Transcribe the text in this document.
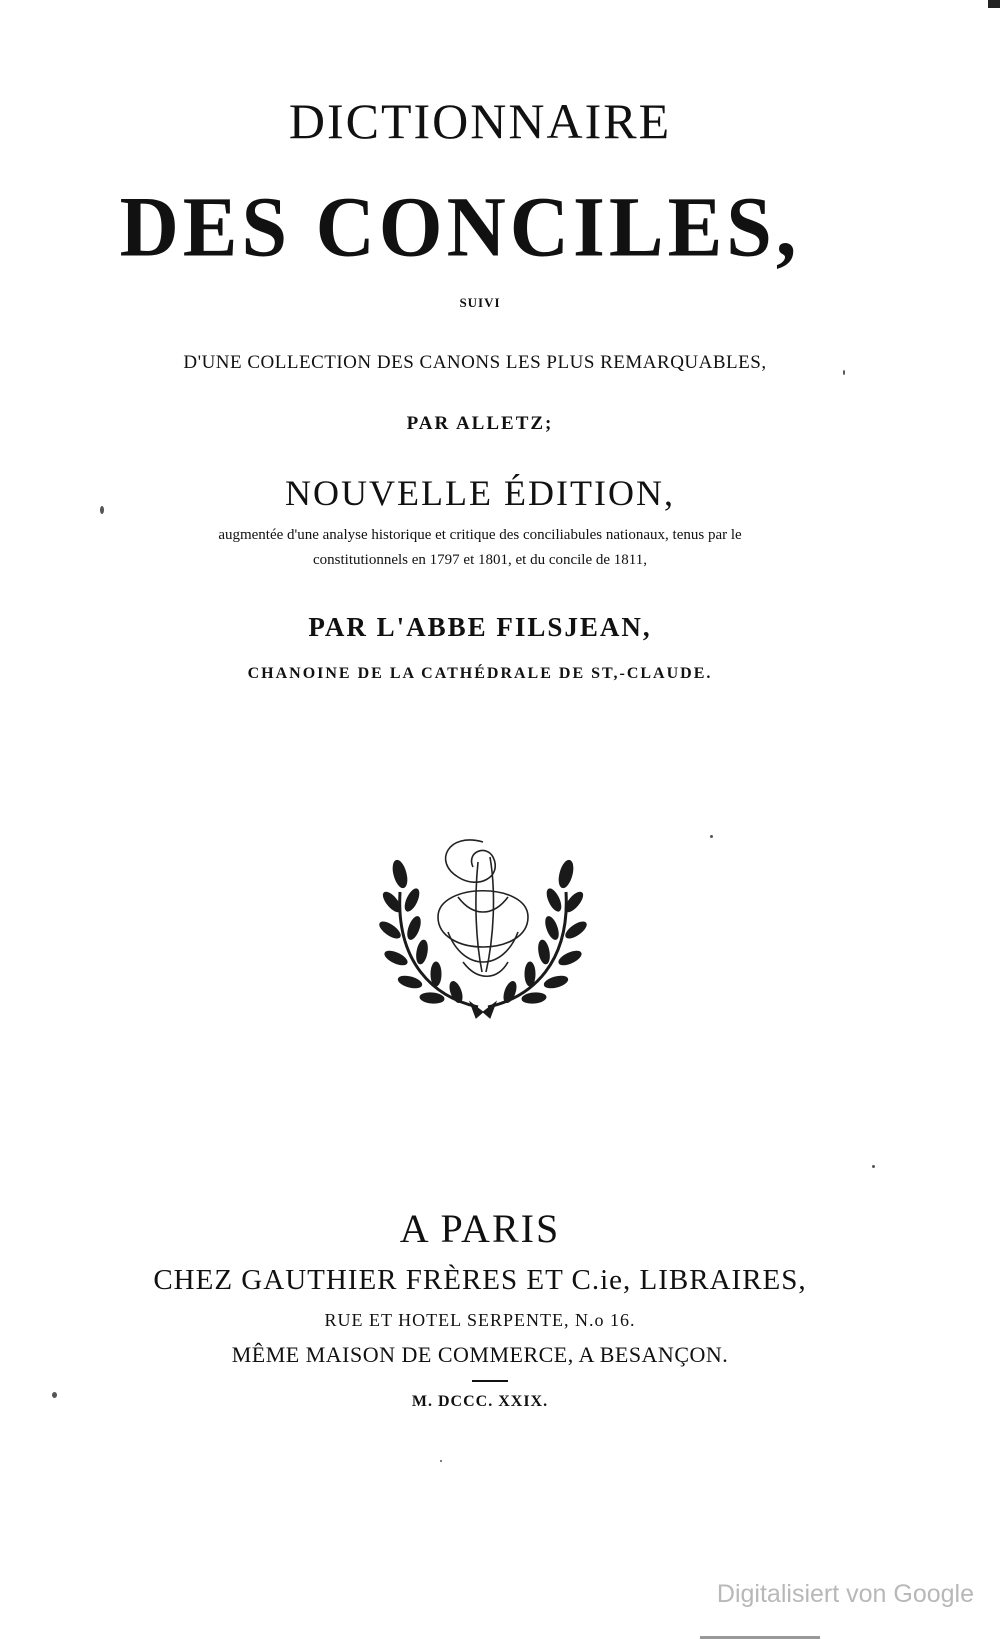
DICTIONNAIRE
DES CONCILES,

SUIVI

D'UNE COLLECTION DES CANONS LES PLUS REMARQUABLES,

PAR ALLETZ;

NOUVELLE ÉDITION,

augmentée d'une analyse historique et critique des conciliabules nationaux, tenus par le

constitutionnels en 1797 et 1801, et du concile de 1811,

PAR L'ABBE FILSJEAN,

CHANOINE DE LA CATHÉDRALE DE ST,-CLAUDE.

A PARIS

CHEZ GAUTHIER FRÈRES ET C.ie, LIBRAIRES,

RUE ET HOTEL SERPENTE, N.o 16.

MÊME MAISON DE COMMERCE, A BESANÇON.

M. DCCC. XXIX.

Digitalisiert von Google
